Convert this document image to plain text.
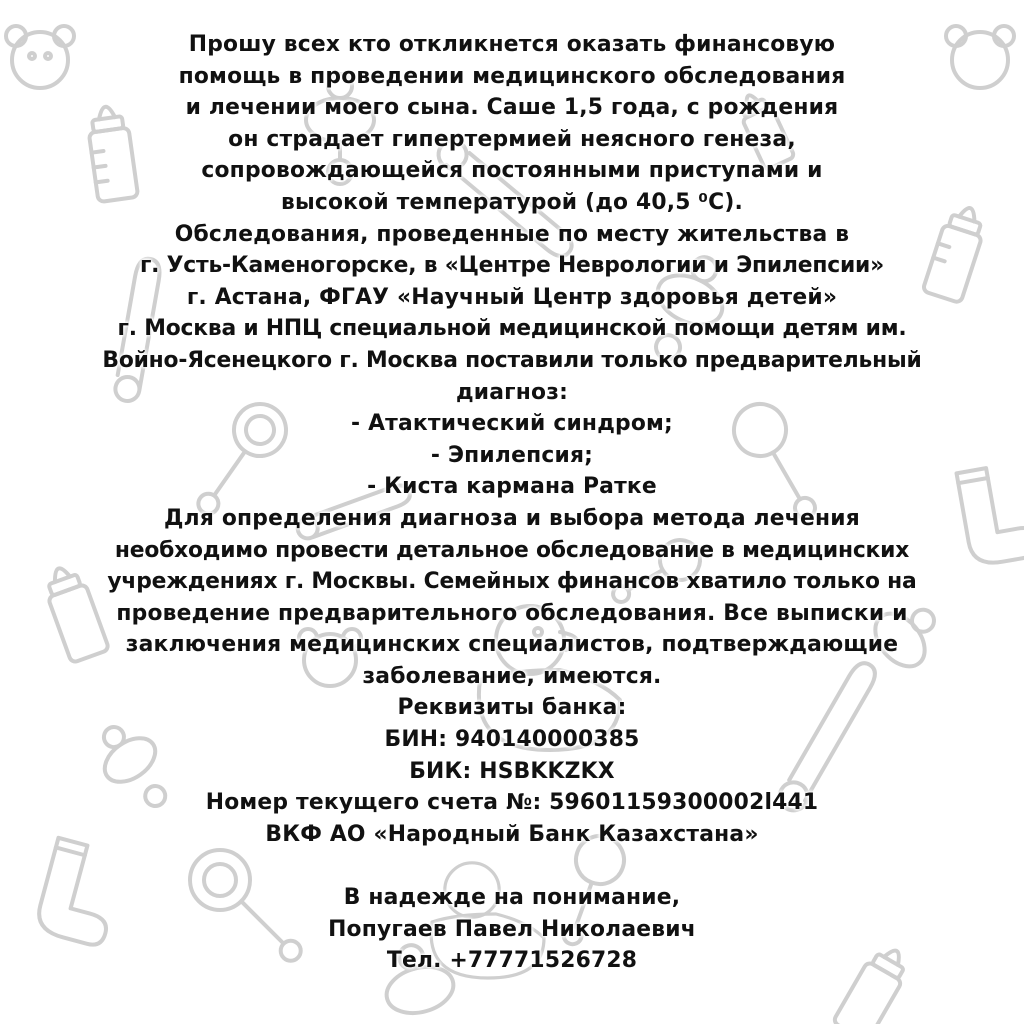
Прошу всех кто откликнется оказать финансовую
помощь в проведении медицинского обследования
и лечении моего сына. Саше 1,5 года, с рождения
он страдает гипертермией неясного генеза,
сопровождающейся постоянными приступами и
высокой температурой (до 40,5 ⁰С).
Обследования, проведенные по месту жительства в
г. Усть-Каменогорске, в «Центре Неврологии и Эпилепсии»
г. Астана, ФГАУ «Научный Центр здоровья детей»
г. Москва и НПЦ специальной медицинской помощи детям им.
Войно-Ясенецкого г. Москва поставили только предварительный
диагноз:
- Атактический синдром;
- Эпилепсия;
- Киста кармана Ратке
Для определения диагноза и выбора метода лечения
необходимо провести детальное обследование в медицинских
учреждениях г. Москвы. Семейных финансов хватило только на
проведение предварительного обследования. Все выписки и
заключения медицинских специалистов, подтверждающие
заболевание, имеются.
Реквизиты банка:
БИН: 940140000385
БИК: HSBKKZKX
Номер текущего счета №: 59601159300002l441
ВКФ АО «Народный Банк Казахстана»
В надежде на понимание,
Попугаев Павел Николаевич
Тел. +77771526728
